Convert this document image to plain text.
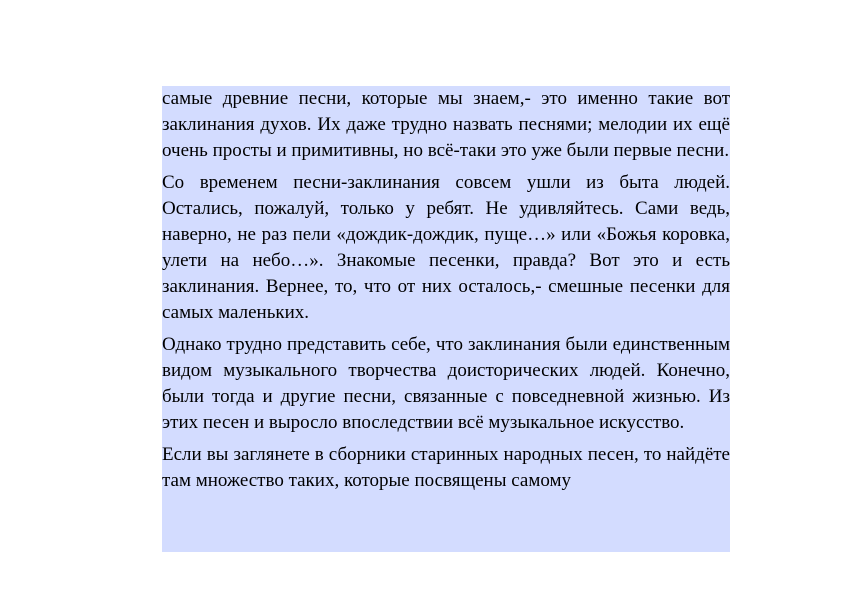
самые древние песни, которые мы знаем,- это именно такие вот заклинания духов. Их даже трудно назвать песнями; мелодии их ещё очень просты и примитивны, но всё-таки это уже были первые песни.

Со временем песни-заклинания совсем ушли из быта людей. Остались, пожалуй, только у ребят. Не удивляйтесь. Сами ведь, наверно, не раз пели «дождик-дождик, пуще…» или «Божья коровка, улети на небо…». Знакомые песенки, правда? Вот это и есть заклинания. Вернее, то, что от них осталось,- смешные песенки для самых маленьких.

Однако трудно представить себе, что заклинания были единственным видом музыкального творчества доисторических людей. Конечно, были тогда и другие песни, связанные с повседневной жизнью. Из этих песен и выросло впоследствии всё музыкальное искусство.

Если вы заглянете в сборники старинных народных песен, то найдёте там множество таких, которые посвящены самому
